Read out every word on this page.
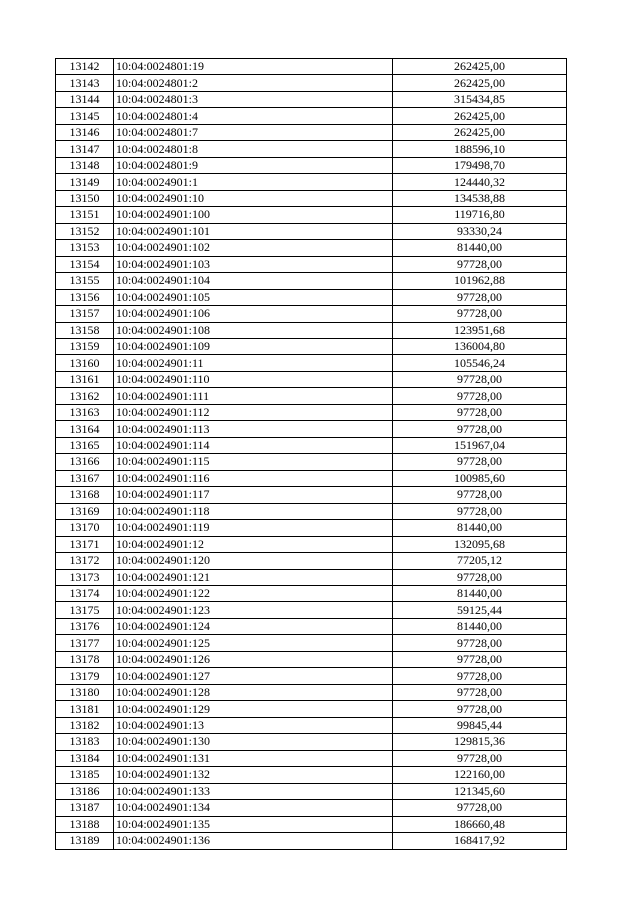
13142	10:04:0024801:19	262425,00
13143	10:04:0024801:2	262425,00
13144	10:04:0024801:3	315434,85
13145	10:04:0024801:4	262425,00
13146	10:04:0024801:7	262425,00
13147	10:04:0024801:8	188596,10
13148	10:04:0024801:9	179498,70
13149	10:04:0024901:1	124440,32
13150	10:04:0024901:10	134538,88
13151	10:04:0024901:100	119716,80
13152	10:04:0024901:101	93330,24
13153	10:04:0024901:102	81440,00
13154	10:04:0024901:103	97728,00
13155	10:04:0024901:104	101962,88
13156	10:04:0024901:105	97728,00
13157	10:04:0024901:106	97728,00
13158	10:04:0024901:108	123951,68
13159	10:04:0024901:109	136004,80
13160	10:04:0024901:11	105546,24
13161	10:04:0024901:110	97728,00
13162	10:04:0024901:111	97728,00
13163	10:04:0024901:112	97728,00
13164	10:04:0024901:113	97728,00
13165	10:04:0024901:114	151967,04
13166	10:04:0024901:115	97728,00
13167	10:04:0024901:116	100985,60
13168	10:04:0024901:117	97728,00
13169	10:04:0024901:118	97728,00
13170	10:04:0024901:119	81440,00
13171	10:04:0024901:12	132095,68
13172	10:04:0024901:120	77205,12
13173	10:04:0024901:121	97728,00
13174	10:04:0024901:122	81440,00
13175	10:04:0024901:123	59125,44
13176	10:04:0024901:124	81440,00
13177	10:04:0024901:125	97728,00
13178	10:04:0024901:126	97728,00
13179	10:04:0024901:127	97728,00
13180	10:04:0024901:128	97728,00
13181	10:04:0024901:129	97728,00
13182	10:04:0024901:13	99845,44
13183	10:04:0024901:130	129815,36
13184	10:04:0024901:131	97728,00
13185	10:04:0024901:132	122160,00
13186	10:04:0024901:133	121345,60
13187	10:04:0024901:134	97728,00
13188	10:04:0024901:135	186660,48
13189	10:04:0024901:136	168417,92
